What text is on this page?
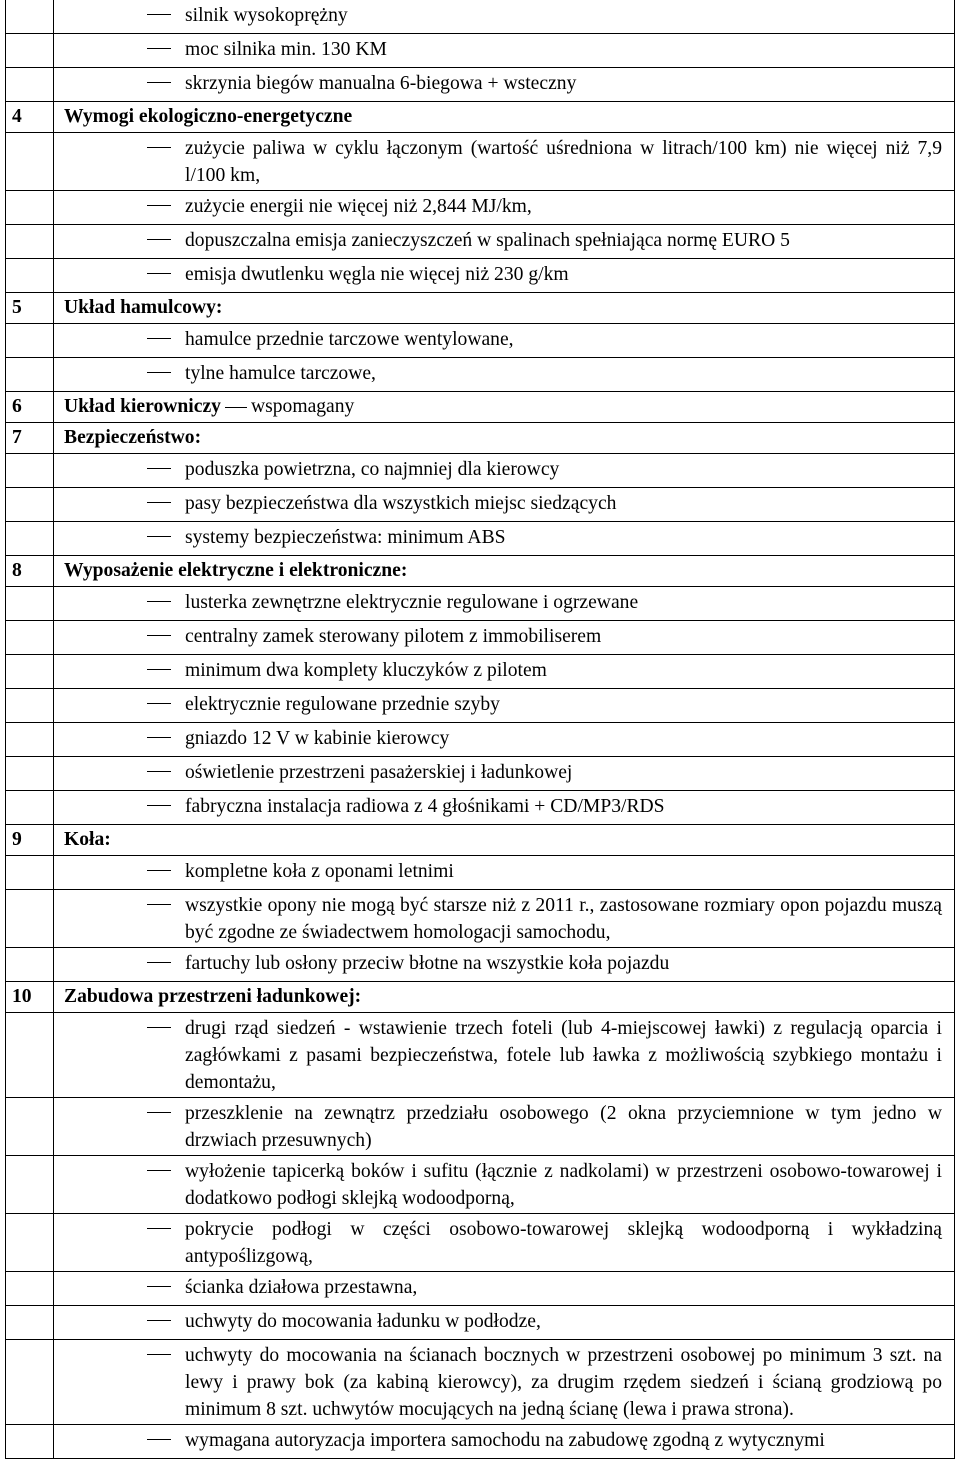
silnik wysokoprężny

moc silnika min. 130 KM

skrzynia biegów manualna 6-biegowa + wsteczny
4	Wymogi ekologiczno-energetyczne

zużycie paliwa w cyklu łączonym (wartość uśredniona w litrach/100 km) nie więcej niż 7,9 l/100 km,

zużycie energii nie więcej niż 2,844 MJ/km,

dopuszczalna emisja zanieczyszczeń w spalinach spełniająca normę EURO 5

emisja dwutlenku węgla nie więcej niż 230 g/km
5	Układ hamulcowy:

hamulce przednie tarczowe wentylowane,

tylne hamulce tarczowe,
6	Układ kierowniczy wspomagany
7	Bezpieczeństwo:

poduszka powietrzna, co najmniej dla kierowcy

pasy bezpieczeństwa dla wszystkich miejsc siedzących

systemy bezpieczeństwa: minimum ABS
8	Wyposażenie elektryczne i elektroniczne:

lusterka zewnętrzne elektrycznie regulowane i ogrzewane

centralny zamek sterowany pilotem z immobiliserem

minimum dwa komplety kluczyków z pilotem

elektrycznie regulowane przednie szyby

gniazdo 12 V w kabinie kierowcy

oświetlenie przestrzeni pasażerskiej i ładunkowej

fabryczna instalacja radiowa z 4 głośnikami + CD/MP3/RDS
9	Koła:

kompletne koła z oponami letnimi

wszystkie opony nie mogą być starsze niż z 2011 r., zastosowane rozmiary opon pojazdu muszą być zgodne ze świadectwem homologacji samochodu,

fartuchy lub osłony przeciw błotne na wszystkie koła pojazdu
10	Zabudowa przestrzeni ładunkowej:

drugi rząd siedzeń - wstawienie trzech foteli (lub 4-miejscowej ławki) z regulacją oparcia i zagłówkami z pasami bezpieczeństwa, fotele lub ławka z możliwością szybkiego montażu i demontażu,

przeszklenie na zewnątrz przedziału osobowego (2 okna przyciemnione w tym jedno w drzwiach przesuwnych)

wyłożenie tapicerką boków i sufitu (łącznie z nadkolami) w przestrzeni osobowo-towarowej i dodatkowo podłogi sklejką wodoodporną,

pokrycie podłogi w części osobowo-towarowej sklejką wodoodporną i wykładziną antypoślizgową,

ścianka działowa przestawna,

uchwyty do mocowania ładunku w podłodze,

uchwyty do mocowania na ścianach bocznych w przestrzeni osobowej po minimum 3 szt. na lewy i prawy bok (za kabiną kierowcy), za drugim rzędem siedzeń i ścianą grodziową po minimum 8 szt. uchwytów mocujących na jedną ścianę (lewa i prawa strona).

wymagana autoryzacja importera samochodu na zabudowę zgodną z wytycznymi
